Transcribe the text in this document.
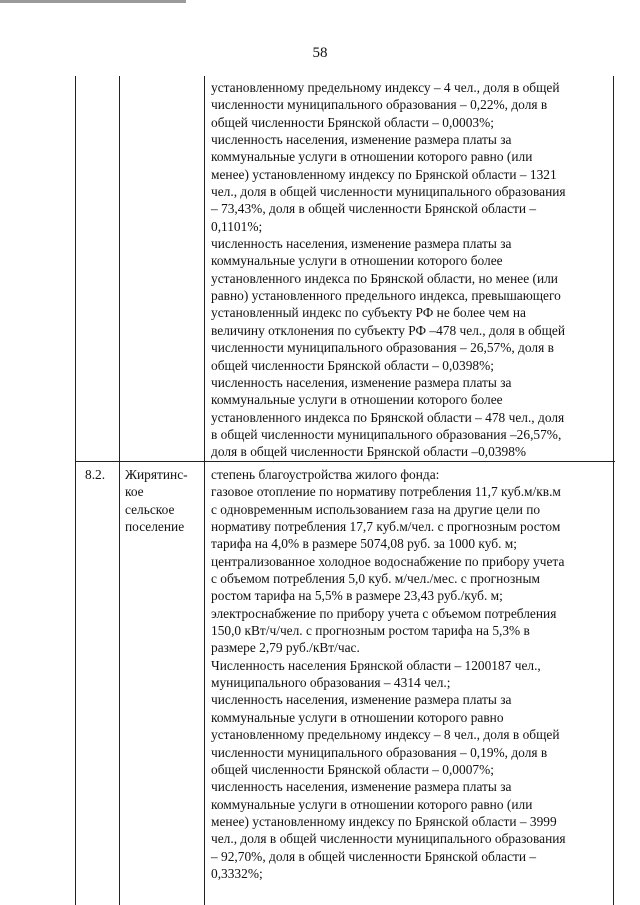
58
установленному предельному индексу – 4 чел., доля в общей
численности муниципального образования – 0,22%, доля в
общей численности Брянской области – 0,0003%;
численность населения, изменение размера платы за
коммунальные услуги в отношении которого равно (или
менее) установленному индексу по Брянской области – 1321
чел., доля в общей численности муниципального образования
– 73,43%, доля в общей численности Брянской области –
0,1101%;
численность населения, изменение размера платы за
коммунальные услуги в отношении которого более
установленного индекса по Брянской области, но менее (или
равно) установленного предельного индекса, превышающего
установленный индекс по субъекту РФ не более чем на
величину отклонения по субъекту РФ –478 чел., доля в общей
численности муниципального образования – 26,57%, доля в
общей численности Брянской области – 0,0398%;
численность населения, изменение размера платы за
коммунальные услуги в отношении которого более
установленного индекса по Брянской области – 478 чел., доля
в общей численности муниципального образования –26,57%,
доля в общей численности Брянской области –0,0398%
8.2. Жирятинс-
кое
сельское
поселение
степень благоустройства жилого фонда:
газовое отопление по нормативу потребления 11,7 куб.м/кв.м
с одновременным использованием газа на другие цели по
нормативу потребления 17,7 куб.м/чел. с прогнозным ростом
тарифа на 4,0% в размере 5074,08 руб. за 1000 куб. м;
централизованное холодное водоснабжение по прибору учета
с объемом потребления 5,0 куб. м/чел./мес. с прогнозным
ростом тарифа на 5,5% в размере 23,43 руб./куб. м;
электроснабжение по прибору учета с объемом потребления
150,0 кВт/ч/чел. с прогнозным ростом тарифа на 5,3% в
размере 2,79 руб./кВт/час.
Численность населения Брянской области – 1200187 чел.,
муниципального образования – 4314 чел.;
численность населения, изменение размера платы за
коммунальные услуги в отношении которого равно
установленному предельному индексу – 8 чел., доля в общей
численности муниципального образования – 0,19%, доля в
общей численности Брянской области – 0,0007%;
численность населения, изменение размера платы за
коммунальные услуги в отношении которого равно (или
менее) установленному индексу по Брянской области – 3999
чел., доля в общей численности муниципального образования
– 92,70%, доля в общей численности Брянской области –
0,3332%;
